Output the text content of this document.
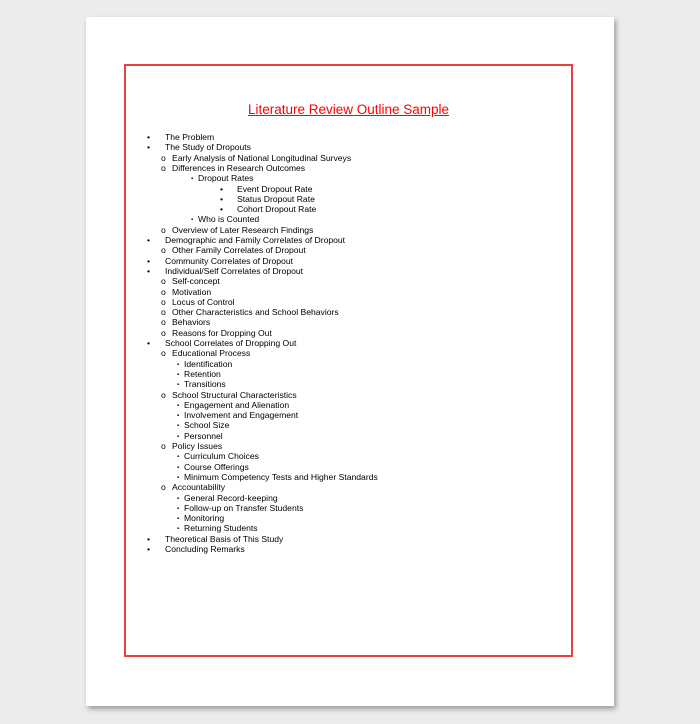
Literature Review Outline Sample
• The Problem
• The Study of Dropouts
o Early Analysis of National Longitudinal Surveys
o Differences in Research Outcomes
▪ Dropout Rates
• Event Dropout Rate
• Status Dropout Rate
• Cohort Dropout Rate
▪ Who is Counted
o Overview of Later Research Findings
• Demographic and Family Correlates of Dropout
o Other Family Correlates of Dropout
• Community Correlates of Dropout
• Individual/Self Correlates of Dropout
o Self-concept
o Motivation
o Locus of Control
o Other Characteristics and School Behaviors
o Behaviors
o Reasons for Dropping Out
• School Correlates of Dropping Out
o Educational Process
▪ Identification
▪ Retention
▪ Transitions
o School Structural Characteristics
▪ Engagement and Alienation
▪ Involvement and Engagement
▪ School Size
▪ Personnel
o Policy Issues
▪ Curriculum Choices
▪ Course Offerings
▪ Minimum Competency Tests and Higher Standards
o Accountability
▪ General Record-keeping
▪ Follow-up on Transfer Students
▪ Monitoring
▪ Returning Students
• Theoretical Basis of This Study
• Concluding Remarks
